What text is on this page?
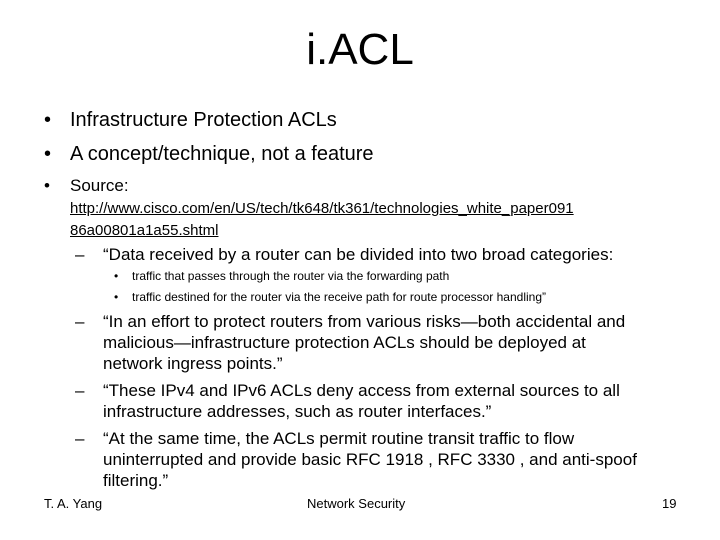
i.ACL
• Infrastructure Protection ACLs
• A concept/technique, not a feature
• Source:
http://www.cisco.com/en/US/tech/tk648/tk361/technologies_white_paper091
86a00801a1a55.shtml
– “Data received by a router can be divided into two broad categories:
• traffic that passes through the router via the forwarding path
• traffic destined for the router via the receive path for route processor handling”
– “In an effort to protect routers from various risks—both accidental and
malicious—infrastructure protection ACLs should be deployed at
network ingress points.”
– “These IPv4 and IPv6 ACLs deny access from external sources to all
infrastructure addresses, such as router interfaces.”
– “At the same time, the ACLs permit routine transit traffic to flow
uninterrupted and provide basic RFC 1918 , RFC 3330 , and anti-spoof
filtering.”
T. A. Yang	Network Security	19
